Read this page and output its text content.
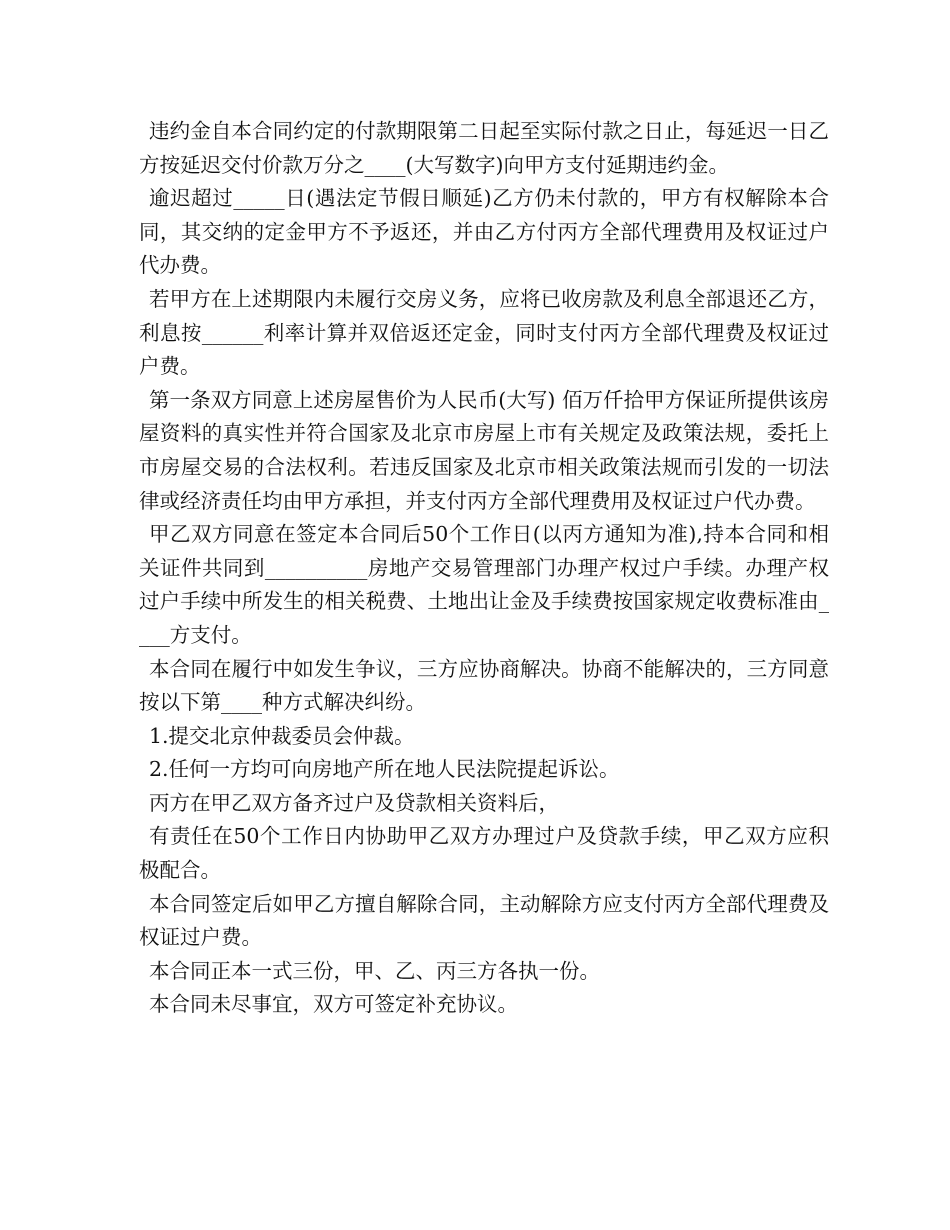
违约金自本合同约定的付款期限第二日起至实际付款之日止，每延迟一日乙方按延迟交付价款万分之____(大写数字)向甲方支付延期违约金。

逾迟超过_____日(遇法定节假日顺延)乙方仍未付款的，甲方有权解除本合同，其交纳的定金甲方不予返还，并由乙方付丙方全部代理费用及权证过户代办费。

若甲方在上述期限内未履行交房义务，应将已收房款及利息全部退还乙方，利息按______利率计算并双倍返还定金，同时支付丙方全部代理费及权证过户费。

第一条双方同意上述房屋售价为人民币(大写) 佰万仟拾甲方保证所提供该房屋资料的真实性并符合国家及北京市房屋上市有关规定及政策法规，委托上市房屋交易的合法权利。若违反国家及北京市相关政策法规而引发的一切法律或经济责任均由甲方承担，并支付丙方全部代理费用及权证过户代办费。

甲乙双方同意在签定本合同后50个工作日(以丙方通知为准),持本合同和相关证件共同到__________房地产交易管理部门办理产权过户手续。办理产权过户手续中所发生的相关税费、土地出让金及手续费按国家规定收费标准由____方支付。

本合同在履行中如发生争议，三方应协商解决。协商不能解决的，三方同意按以下第____种方式解决纠纷。

1.提交北京仲裁委员会仲裁。

2.任何一方均可向房地产所在地人民法院提起诉讼。

丙方在甲乙双方备齐过户及贷款相关资料后，

有责任在50个工作日内协助甲乙双方办理过户及贷款手续，甲乙双方应积极配合。

本合同签定后如甲乙方擅自解除合同，主动解除方应支付丙方全部代理费及权证过户费。

本合同正本一式三份，甲、乙、丙三方各执一份。

本合同未尽事宜，双方可签定补充协议。
